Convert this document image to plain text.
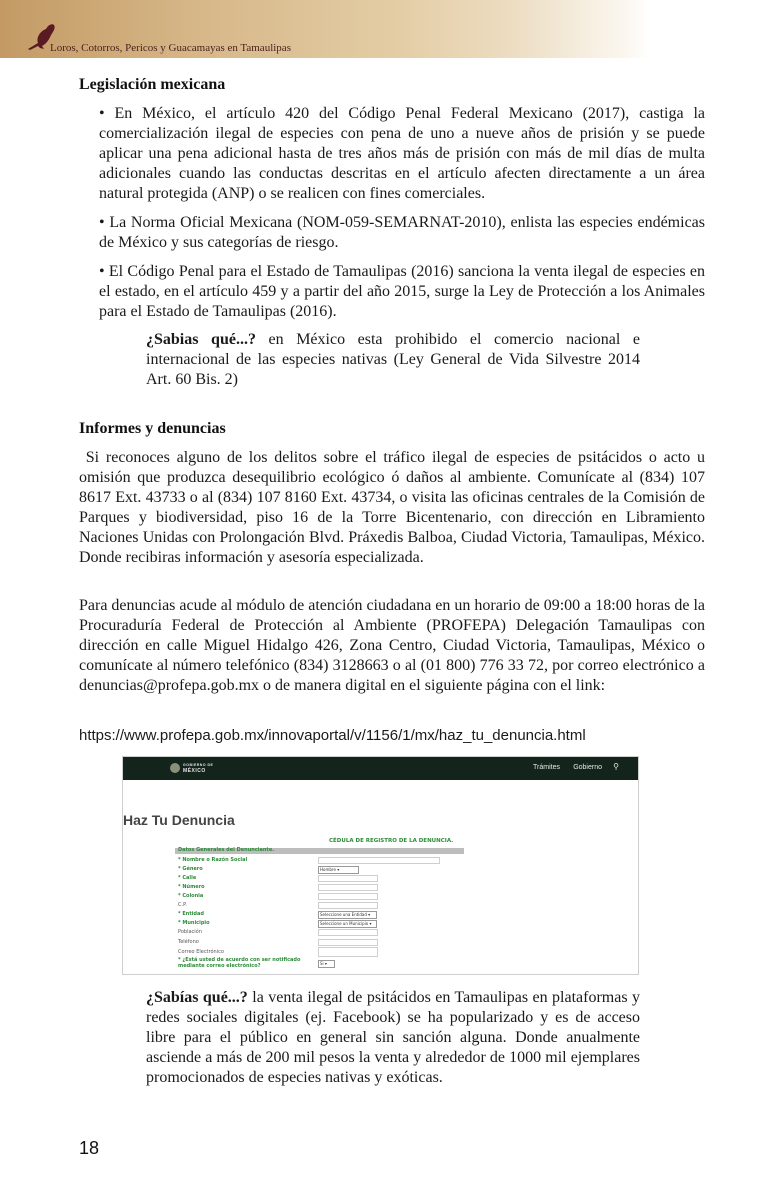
Loros, Cotorros, Pericos y Guacamayas en Tamaulipas
Legislación mexicana
• En México, el artículo 420 del Código Penal Federal Mexicano (2017), castiga la comercialización ilegal de especies con pena de uno a nueve años de prisión y se puede aplicar una pena adicional hasta de tres años más de prisión con más de mil días de multa adicionales cuando las conductas descritas en el artículo afecten directamente a un área natural protegida (ANP) o se realicen con fines comerciales.
• La Norma Oficial Mexicana (NOM-059-SEMARNAT-2010), enlista las especies endémicas de México y sus categorías de riesgo.
• El Código Penal para el Estado de Tamaulipas (2016) sanciona la venta ilegal de especies en el estado, en el artículo 459 y a partir del año 2015, surge la Ley de Protección a los Animales para el Estado de Tamaulipas (2016).
¿Sabias qué...? en México esta prohibido el comercio nacional e internacional de las especies nativas (Ley General de Vida Silvestre 2014 Art. 60 Bis. 2)
Informes y denuncias
Si reconoces alguno de los delitos sobre el tráfico ilegal de especies de psitácidos o acto u omisión que produzca desequilibrio ecológico ó daños al ambiente. Comunícate al (834) 107 8617 Ext. 43733 o al (834) 107 8160 Ext. 43734, o visita las oficinas centrales de la Comisión de Parques y biodiversidad, piso 16 de la Torre Bicentenario, con dirección en Libramiento Naciones Unidas con Prolongación Blvd. Práxedis Balboa, Ciudad Victoria, Tamaulipas, México. Donde recibiras información y asesoría especializada.
Para denuncias acude al módulo de atención ciudadana en un horario de 09:00 a 18:00 horas de la Procuraduría Federal de Protección al Ambiente (PROFEPA) Delegación Tamaulipas con dirección en calle Miguel Hidalgo 426, Zona Centro, Ciudad Victoria, Tamaulipas, México o comunícate al número telefónico (834) 3128663 o al (01 800) 776 33 72, por correo electrónico a denuncias@profepa.gob.mx o de manera digital en el siguiente página con el link:
https://www.profepa.gob.mx/innovaportal/v/1156/1/mx/haz_tu_denuncia.html
GOBIERNO DE
MÉXICO	Trámites Gobierno ⚲
Haz Tu Denuncia
CÉDULA DE REGISTRO DE LA DENUNCIA.
Datos Generales del Denunciante.
* Nombre o Razón Social
* Género	Hombre ▾
* Calle
* Número
* Colonia
C.P.
* Entidad	Seleccione una Entidad ▾
* Municipio	Seleccione un Municipio ▾
Población
Teléfono
Correo Electrónico
* ¿Está usted de acuerdo con ser notificado mediante correo electrónico?	Si ▾
¿Sabías qué...? la venta ilegal de psitácidos en Tamaulipas en plataformas y redes sociales digitales (ej. Facebook) se ha popularizado y es de acceso libre para el público en general sin sanción alguna. Donde anualmente asciende a más de 200 mil pesos la venta y alrededor de 1000 mil ejemplares promocionados de especies nativas y exóticas.
18
